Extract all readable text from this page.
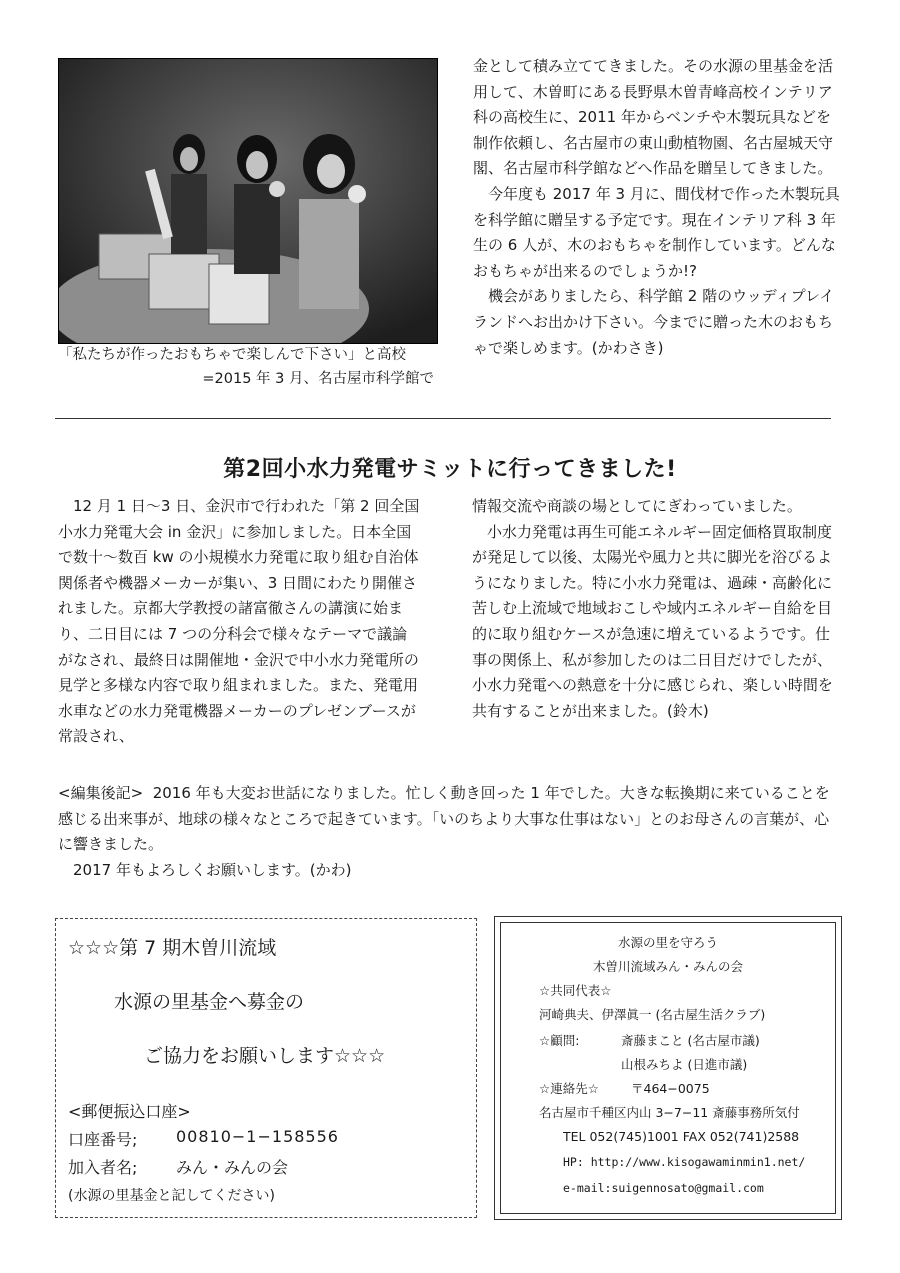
「私たちが作ったおもちゃで楽しんで下さい」と高校
=2015 年 3 月、名古屋市科学館で

金として積み立ててきました。その水源の里基金を活用して、木曽町にある長野県木曽青峰高校インテリア科の高校生に、2011 年からベンチや木製玩具などを制作依頼し、名古屋市の東山動植物園、名古屋城天守閣、名古屋市科学館などへ作品を贈呈してきました。

今年度も 2017 年 3 月に、間伐材で作った木製玩具を科学館に贈呈する予定です。現在インテリア科 3 年生の 6 人が、木のおもちゃを制作しています。どんなおもちゃが出来るのでしょうか!?

機会がありましたら、科学館 2 階のウッディプレイランドへお出かけ下さい。今までに贈った木のおもちゃで楽しめます。(かわさき)

第2回小水力発電サミットに行ってきました!

12 月 1 日〜3 日、金沢市で行われた「第 2 回全国小水力発電大会 in 金沢」に参加しました。日本全国で数十〜数百 kw の小規模水力発電に取り組む自治体関係者や機器メーカーが集い、3 日間にわたり開催されました。京都大学教授の諸富徹さんの講演に始まり、二日目には 7 つの分科会で様々なテーマで議論がなされ、最終日は開催地・金沢で中小水力発電所の見学と多様な内容で取り組まれました。また、発電用水車などの水力発電機器メーカーのプレゼンブースが常設され、

情報交流や商談の場としてにぎわっていました。

小水力発電は再生可能エネルギー固定価格買取制度が発足して以後、太陽光や風力と共に脚光を浴びるようになりました。特に小水力発電は、過疎・高齢化に苦しむ上流域で地域おこしや域内エネルギー自給を目的に取り組むケースが急速に増えているようです。仕事の関係上、私が参加したのは二日目だけでしたが、小水力発電への熱意を十分に感じられ、楽しい時間を共有することが出来ました。(鈴木)

<編集後記> 2016 年も大変お世話になりました。忙しく動き回った 1 年でした。大きな転換期に来ていることを感じる出来事が、地球の様々なところで起きています。「いのちより大事な仕事はない」とのお母さんの言葉が、心に響きました。

2017 年もよろしくお願いします。(かわ)

☆☆☆第 7 期木曽川流域
水源の里基金へ募金の
ご協力をお願いします☆☆☆
<郵便振込口座>
口座番号; 00810−1−158556
加入者名; みん・みんの会
(水源の里基金と記してください)
水源の里を守ろう
木曽川流域みん・みんの会
☆共同代表☆
河崎典夫、伊澤眞一 (名古屋生活クラブ)
☆顧問:	斎藤まこと (名古屋市議)
山根みちよ (日進市議)
☆連絡先☆	〒464−0075
名古屋市千種区内山 3−7−11 斎藤事務所気付
TEL 052(745)1001 FAX 052(741)2588
HP: http://www.kisogawaminmin1.net/
e-mail:suigennosato@gmail.com
